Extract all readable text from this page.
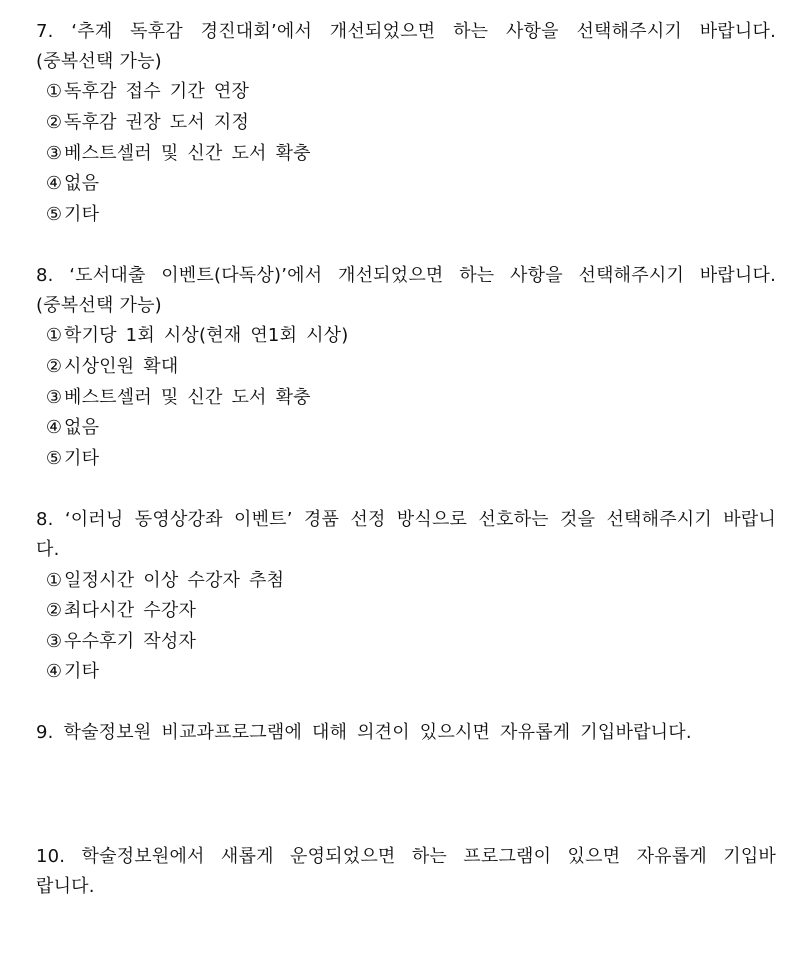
7. ‘추계 독후감 경진대회’에서 개선되었으면 하는 사항을 선택해주시기 바랍니다.
(중복선택 가능)
① 독후감 접수 기간 연장
② 독후감 권장 도서 지정
③ 베스트셀러 및 신간 도서 확충
④ 없음
⑤ 기타
8. ‘도서대출 이벤트(다독상)’에서 개선되었으면 하는 사항을 선택해주시기 바랍니다.
(중복선택 가능)
① 학기당 1회 시상(현재 연1회 시상)
② 시상인원 확대
③ 베스트셀러 및 신간 도서 확충
④ 없음
⑤ 기타
8. ‘이러닝 동영상강좌 이벤트’ 경품 선정 방식으로 선호하는 것을 선택해주시기 바랍니
다.
① 일정시간 이상 수강자 추첨
② 최다시간 수강자
③ 우수후기 작성자
④ 기타
9. 학술정보원 비교과프로그램에 대해 의견이 있으시면 자유롭게 기입바랍니다.
10. 학술정보원에서 새롭게 운영되었으면 하는 프로그램이 있으면 자유롭게 기입바
랍니다.
